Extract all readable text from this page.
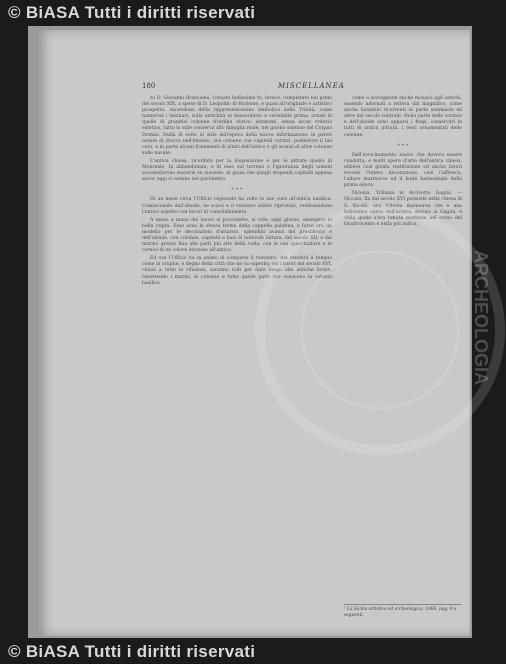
© BiASA Tutti i diritti riservati
180	MISCELLANEA

zo D. Giovanni Brancaleo, l'ornato bellissimo fu, invece, completato nel primi del secolo XIX, a spese di D. Leopoldo di Borbone, e quasi all'originale è artistico prospetto. Ascendono della rappresentazione simbolica della Trinità, come numerosi i restauri, sulle antichità in bassorilievo e verisimile prima, ornati di quelle di granitici colonne d'ordine dorico, sormonti, senza alcun criterio estetico, tutto lo stile conserva allo famiglia reale, nel giorno solenne del Corpus Domini. Nulla di sotto di stile dell'epoca della nuova informazione: le pareti ornate di stucco nell'interno, ove colonne con capitelli corinzi, posteriore il bel coro, e in parte alcuni frammenti di altari dell'antico e gli avanzi di altre colonne sulle navate.

L'antica chiesa, ricordata per la disposizione e per le pitture quello di Monreale, fu abbandonata; e di esso sul terreno e l'ignoranza degli uomini accumularono macerie su macerie, in guisa che quegli stupendi capitelli appena ancor oggi si vedono nel pavimento.

* * *

Di un mese circa l'Ufficio regionale ha volto le sue cure all'antica basilica. Cominciando dall'abside, ne scavò e il restauro subito ripristinò, restituendone l'antico aspetto con lavori di consolidamento.

A mano a mano dei lavori si procedette, si vide, ogni giorno, emergere la bella cripta. Essa avea la stessa forma della cappella palatina, e forse era un modello per le decorazioni d'intarsio, splendidi avanzi del presbiterio e dell'abside, con colonne, capitelli e basi di notevole fattura, del secolo XII; e dal marmo grezzo fino alle parti più alte della volta, con le sue specchiature e le cornici di un colore intonato all'antico.

Ed ora l'Ufficio ha in animo di compiere il restauro, che renderà il tempio come in origine, e degno della città che ne va superba; ed i lavori del secolo XVI, chiusi a tutte le rifazioni, saranno tolti per dare luogo alle antiche forme, rimettendo i marmi, le colonne e tutte quelle parti che ornavano la vetusta basilica.

come o sovrappone anche mosaici agli antichi, essendo adornati a lettera dal magnifico, come anche bizantini ricorrenti in parte sommarie ed oltre dal secolo centrale. Nella parte delle cornice e dell'abside sono apparsi i fregi, conservati in tutti di antica pittura, i resti ornamentali delle colonne.

* * *

Dell'avvicinamento nuovo che doveva essere condotta, e molti opere d'arte dell'antica chiesa, ebbero così giusta restituzione ed anche lavori recenti l'intera decorazione, cioè l'affresco, l'altare marmoreo ed il fonte battesimale della prima epoca.

Nicosia. Tribuna in Arciverto Gagini. — Nicosia, fin dal secolo XVI possiede nella chiesa di S. Nicolò, una tribuna marmorea che è una bellissima opera dell'artista, dovuta al Gagini, e della quale s'era tenuta memoria nel corso del Quattrocento e nella più antica.

¹ La Sicilia artistica ed archeologica, 1888, pag. 9 e seguenti.
ARCHEOLOGIA
© BiASA Tutti i diritti riservati
